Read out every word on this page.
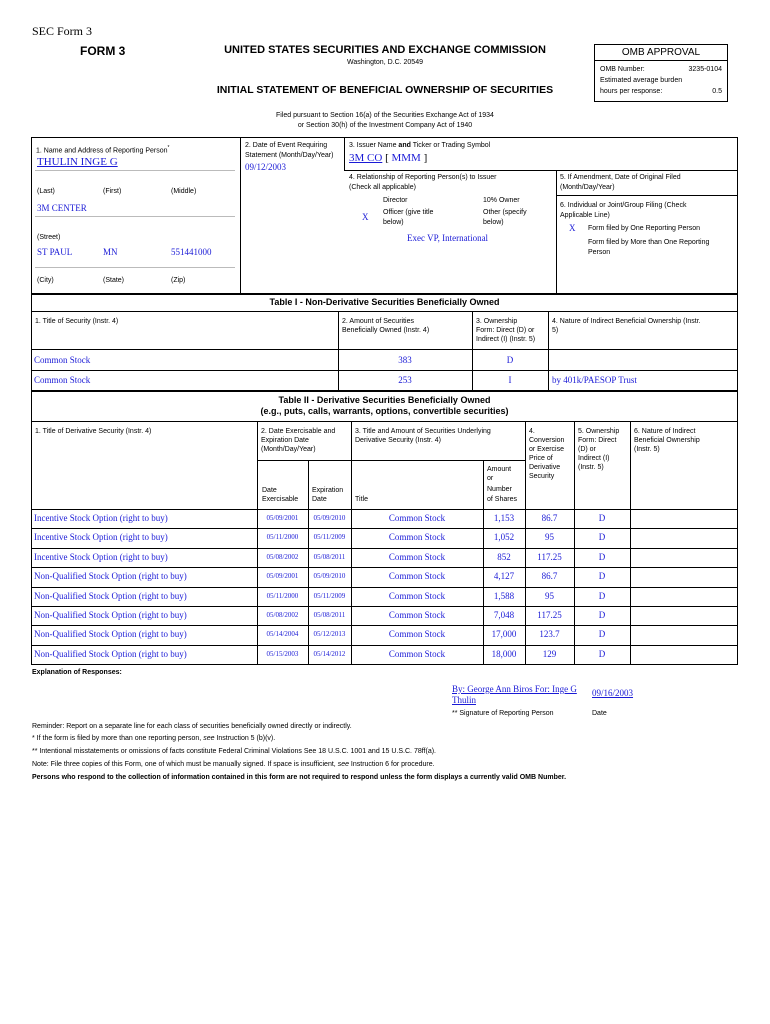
SEC Form 3
FORM 3	UNITED STATES SECURITIES AND EXCHANGE COMMISSION
Washington, D.C. 20549
INITIAL STATEMENT OF BENEFICIAL OWNERSHIP OF SECURITIES
Filed pursuant to Section 16(a) of the Securities Exchange Act of 1934
or Section 30(h) of the Investment Company Act of 1940
OMB APPROVAL
OMB Number:	3235-0104
Estimated average burden
hours per response:	0.5
1. Name and Address of Reporting Person*
THULIN INGE G
(Last)	(First)	(Middle)
3M CENTER
(Street)
ST PAUL	MN	551441000
(City)	(State)	(Zip)
2. Date of Event Requiring
Statement (Month/Day/Year)
09/12/2003
3. Issuer Name and Ticker or Trading Symbol
3M CO [ MMM ]
4. Relationship of Reporting Person(s) to Issuer
(Check all applicable)
Director	10% Owner
X Officer (give title
below)
Other (specify
below)
Exec VP, International
5. If Amendment, Date of Original Filed
(Month/Day/Year)
6. Individual or Joint/Group Filing (Check
Applicable Line)
X Form filed by One Reporting Person
Form filed by More than One Reporting
Person
Table I - Non-Derivative Securities Beneficially Owned
1. Title of Security (Instr. 4)	2. Amount of Securities
Beneficially Owned (Instr. 4)
3. Ownership
Form: Direct (D) or
Indirect (I) (Instr. 5)
4. Nature of Indirect Beneficial Ownership (Instr.
5)
Common Stock	383	D
Common Stock	253	I	by 401k/PAESOP Trust
Table II - Derivative Securities Beneficially Owned
(e.g., puts, calls, warrants, options, convertible securities)
1. Title of Derivative Security (Instr. 4)	2. Date Exercisable and
Expiration Date
(Month/Day/Year)
3. Title and Amount of Securities Underlying
Derivative Security (Instr. 4)
4.
Conversion
or Exercise
Price of
Derivative
Security
5. Ownership
Form: Direct
(D) or
Indirect (I)
(Instr. 5)
6. Nature of Indirect
Beneficial Ownership
(Instr. 5)
Date
Exercisable
Expiration
Date	Title
Amount
or
Number
of Shares
Incentive Stock Option (right to buy)	05/09/2001	05/09/2010	Common Stock	1,153	86.7	D
Incentive Stock Option (right to buy)	05/11/2000	05/11/2009	Common Stock	1,052	95	D
Incentive Stock Option (right to buy)	05/08/2002	05/08/2011	Common Stock	852	117.25	D
Non-Qualified Stock Option (right to buy)	05/09/2001	05/09/2010	Common Stock	4,127	86.7	D
Non-Qualified Stock Option (right to buy)	05/11/2000	05/11/2009	Common Stock	1,588	95	D
Non-Qualified Stock Option (right to buy)	05/08/2002	05/08/2011	Common Stock	7,048	117.25	D
Non-Qualified Stock Option (right to buy)	05/14/2004	05/12/2013	Common Stock	17,000	123.7	D
Non-Qualified Stock Option (right to buy)	05/15/2003	05/14/2012	Common Stock	18,000	129	D
Explanation of Responses:
By: George Ann Biros For: Inge G
Thulin
09/16/2003
** Signature of Reporting Person	Date
Reminder: Report on a separate line for each class of securities beneficially owned directly or indirectly.
* If the form is filed by more than one reporting person, see Instruction 5 (b)(v).
** Intentional misstatements or omissions of facts constitute Federal Criminal Violations See 18 U.S.C. 1001 and 15 U.S.C. 78ff(a).
Note: File three copies of this Form, one of which must be manually signed. If space is insufficient, see Instruction 6 for procedure.
Persons who respond to the collection of information contained in this form are not required to respond unless the form displays a currently valid OMB Number.
